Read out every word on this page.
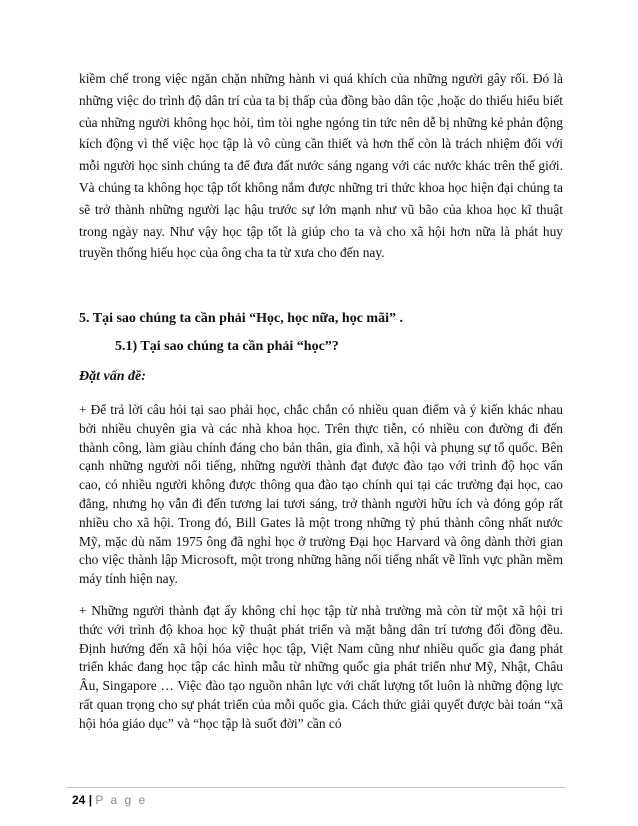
kiềm chế trong việc ngăn chặn những hành vi quá khích của những người gây rối. Đó là những việc do trình độ dân trí của ta bị thấp của đồng bào dân tộc ,hoặc do thiếu hiểu biết của những người không học hỏi, tìm tòi nghe ngóng tin tức nên dễ bị những kẻ phản động kích động vì thế việc học tập là vô cùng cần thiết và hơn thế còn là trách nhiệm đối với mỗi người học sinh chúng ta để đưa đất nước sáng ngang với các nước khác trên thế giới. Và chúng ta không học tập tốt không nắm được những tri thức khoa học hiện đại chúng ta sẽ trở thành những người lạc hậu trước sự lớn mạnh như vũ bão của khoa học kĩ thuật trong ngày nay. Như vậy học tập tốt là giúp cho ta và cho xã hội hơn nữa là phát huy truyền thống hiếu học của ông cha ta từ xưa cho đến nay.

5. Tại sao chúng ta cần phải “Học, học nữa, học mãi” .

5.1) Tại sao chúng ta cần phải “học”?

Đặt vấn đề:

+ Để trả lời câu hỏi tại sao phải học, chắc chắn có nhiều quan điểm và ý kiến khác nhau bởi nhiều chuyên gia và các nhà khoa học. Trên thực tiễn, có nhiều con đường đi đến thành công, làm giàu chính đáng cho bản thân, gia đình, xã hội và phụng sự tổ quốc. Bên cạnh những người nổi tiếng, những người thành đạt được đào tạo với trình độ học vấn cao, có nhiều người không được thông qua đào tạo chính qui tại các trường đại học, cao đẳng, nhưng họ vẫn đi đến tương lai tươi sáng, trở thành người hữu ích và đóng góp rất nhiều cho xã hội. Trong đó, Bill Gates là một trong những tỷ phú thành công nhất nước Mỹ, mặc dù năm 1975 ông đã nghỉ học ở trường Đại học Harvard và ông dành thời gian cho việc thành lập Microsoft, một trong những hãng nổi tiếng nhất về lĩnh vực phần mềm máy tính hiện nay.

+ Những người thành đạt ấy không chỉ học tập từ nhà trường mà còn từ một xã hội tri thức với trình độ khoa học kỹ thuật phát triển và mặt bằng dân trí tương đối đồng đều. Định hướng đến xã hội hóa việc học tập, Việt Nam cũng như nhiều quốc gia đang phát triển khác đang học tập các hình mẫu từ những quốc gia phát triển như Mỹ, Nhật, Châu Âu, Singapore … Việc đào tạo nguồn nhân lực với chất lượng tốt luôn là những động lực rất quan trọng cho sự phát triển của mỗi quốc gia. Cách thức giải quyết được bài toán “xã hội hóa giáo dục” và “học tập là suốt đời” cần có

24 | P a g e
